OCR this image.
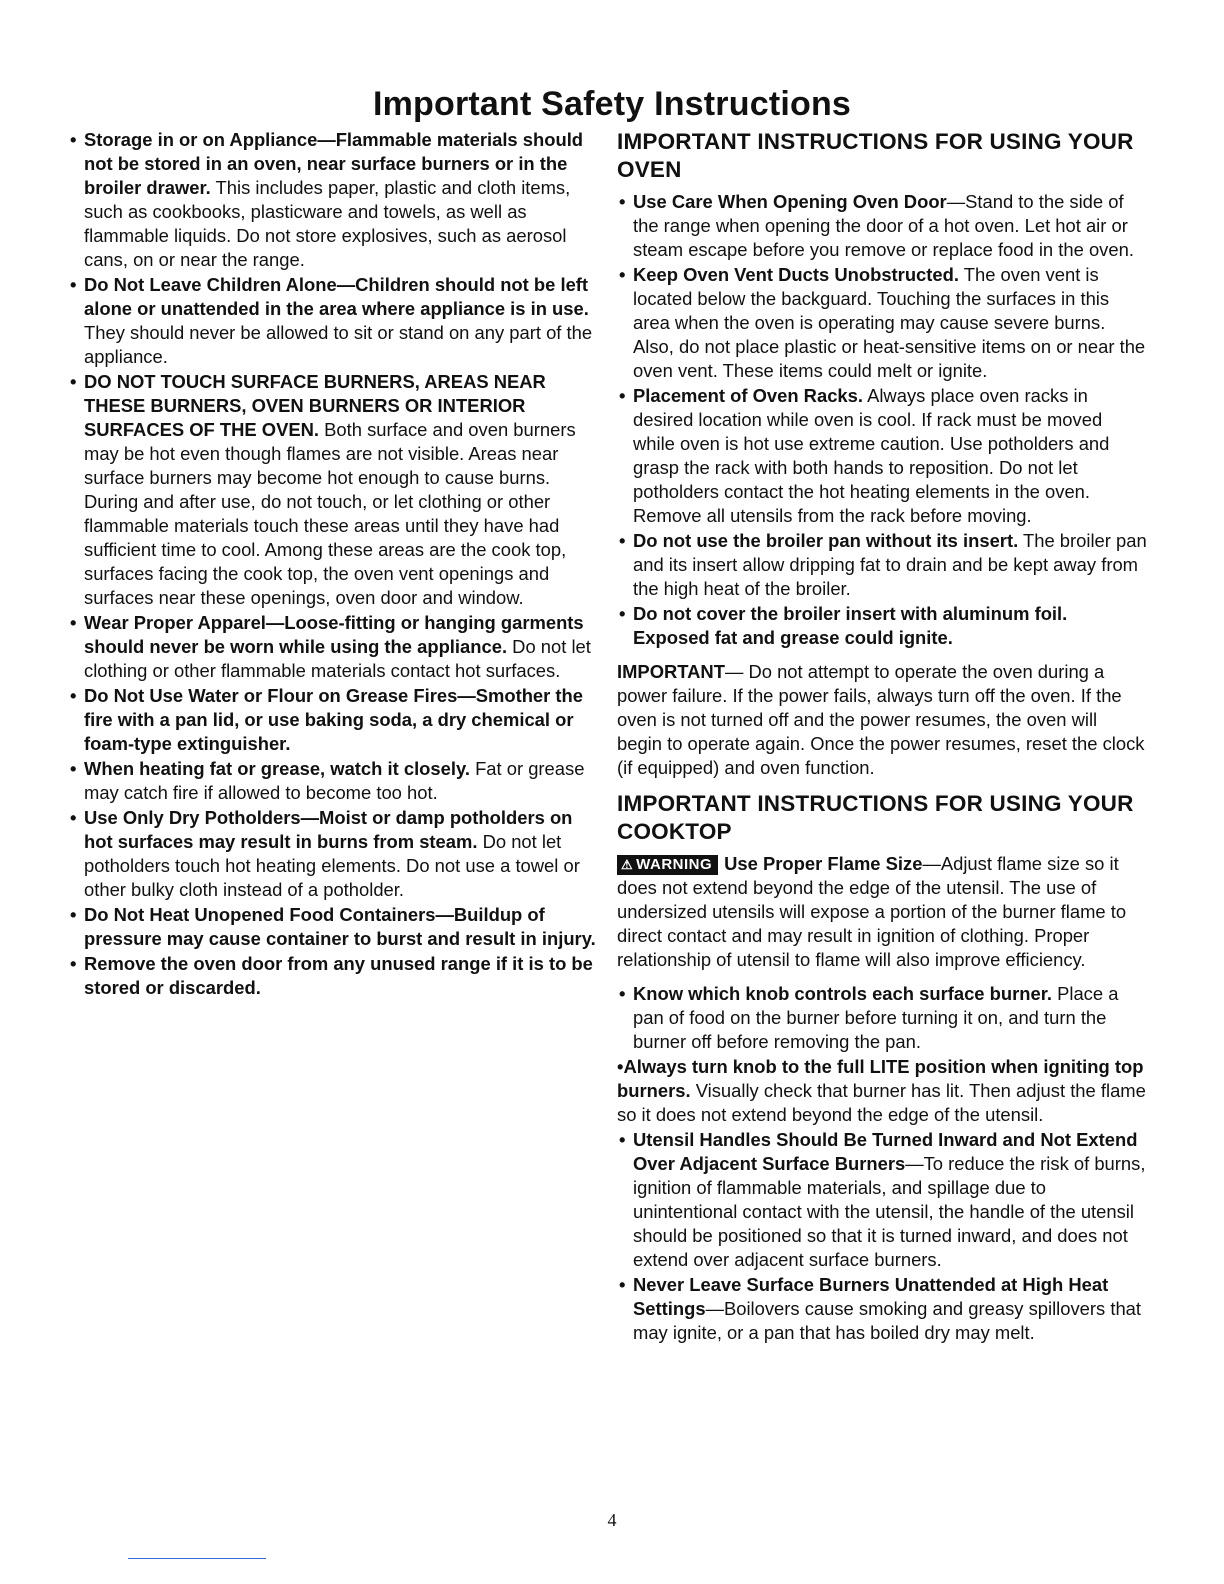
Important Safety Instructions
• Storage in or on Appliance—Flammable materials should not be stored in an oven, near surface burners or in the broiler drawer. This includes paper, plastic and cloth items, such as cookbooks, plasticware and towels, as well as flammable liquids. Do not store explosives, such as aerosol cans, on or near the range.
• Do Not Leave Children Alone—Children should not be left alone or unattended in the area where appliance is in use. They should never be allowed to sit or stand on any part of the appliance.
• DO NOT TOUCH SURFACE BURNERS, AREAS NEAR THESE BURNERS, OVEN BURNERS OR INTERIOR SURFACES OF THE OVEN. Both surface and oven burners may be hot even though flames are not visible. Areas near surface burners may become hot enough to cause burns. During and after use, do not touch, or let clothing or other flammable materials touch these areas until they have had sufficient time to cool. Among these areas are the cook top, surfaces facing the cook top, the oven vent openings and surfaces near these openings, oven door and window.
• Wear Proper Apparel—Loose-fitting or hanging garments should never be worn while using the appliance. Do not let clothing or other flammable materials contact hot surfaces.
• Do Not Use Water or Flour on Grease Fires—Smother the fire with a pan lid, or use baking soda, a dry chemical or foam-type extinguisher.
• When heating fat or grease, watch it closely. Fat or grease may catch fire if allowed to become too hot.
• Use Only Dry Potholders—Moist or damp potholders on hot surfaces may result in burns from steam. Do not let potholders touch hot heating elements. Do not use a towel or other bulky cloth instead of a potholder.
• Do Not Heat Unopened Food Containers—Buildup of pressure may cause container to burst and result in injury.
• Remove the oven door from any unused range if it is to be stored or discarded.
IMPORTANT INSTRUCTIONS FOR USING YOUR OVEN
• Use Care When Opening Oven Door—Stand to the side of the range when opening the door of a hot oven. Let hot air or steam escape before you remove or replace food in the oven.
• Keep Oven Vent Ducts Unobstructed. The oven vent is located below the backguard. Touching the surfaces in this area when the oven is operating may cause severe burns. Also, do not place plastic or heat-sensitive items on or near the oven vent. These items could melt or ignite.
• Placement of Oven Racks. Always place oven racks in desired location while oven is cool. If rack must be moved while oven is hot use extreme caution. Use potholders and grasp the rack with both hands to reposition. Do not let potholders contact the hot heating elements in the oven. Remove all utensils from the rack before moving.
• Do not use the broiler pan without its insert. The broiler pan and its insert allow dripping fat to drain and be kept away from the high heat of the broiler.
• Do not cover the broiler insert with aluminum foil. Exposed fat and grease could ignite.

IMPORTANT— Do not attempt to operate the oven during a power failure. If the power fails, always turn off the oven. If the oven is not turned off and the power resumes, the oven will begin to operate again. Once the power resumes, reset the clock (if equipped) and oven function.

IMPORTANT INSTRUCTIONS FOR USING YOUR COOKTOP

⚠ WARNING Use Proper Flame Size—Adjust flame size so it does not extend beyond the edge of the utensil. The use of undersized utensils will expose a portion of the burner flame to direct contact and may result in ignition of clothing. Proper relationship of utensil to flame will also improve efficiency.

• Know which knob controls each surface burner. Place a pan of food on the burner before turning it on, and turn the burner off before removing the pan.
•Always turn knob to the full LITE position when igniting top burners. Visually check that burner has lit. Then adjust the flame so it does not extend beyond the edge of the utensil.
• Utensil Handles Should Be Turned Inward and Not Extend Over Adjacent Surface Burners—To reduce the risk of burns, ignition of flammable materials, and spillage due to unintentional contact with the utensil, the handle of the utensil should be positioned so that it is turned inward, and does not extend over adjacent surface burners.
• Never Leave Surface Burners Unattended at High Heat Settings—Boilovers cause smoking and greasy spillovers that may ignite, or a pan that has boiled dry may melt.
4
